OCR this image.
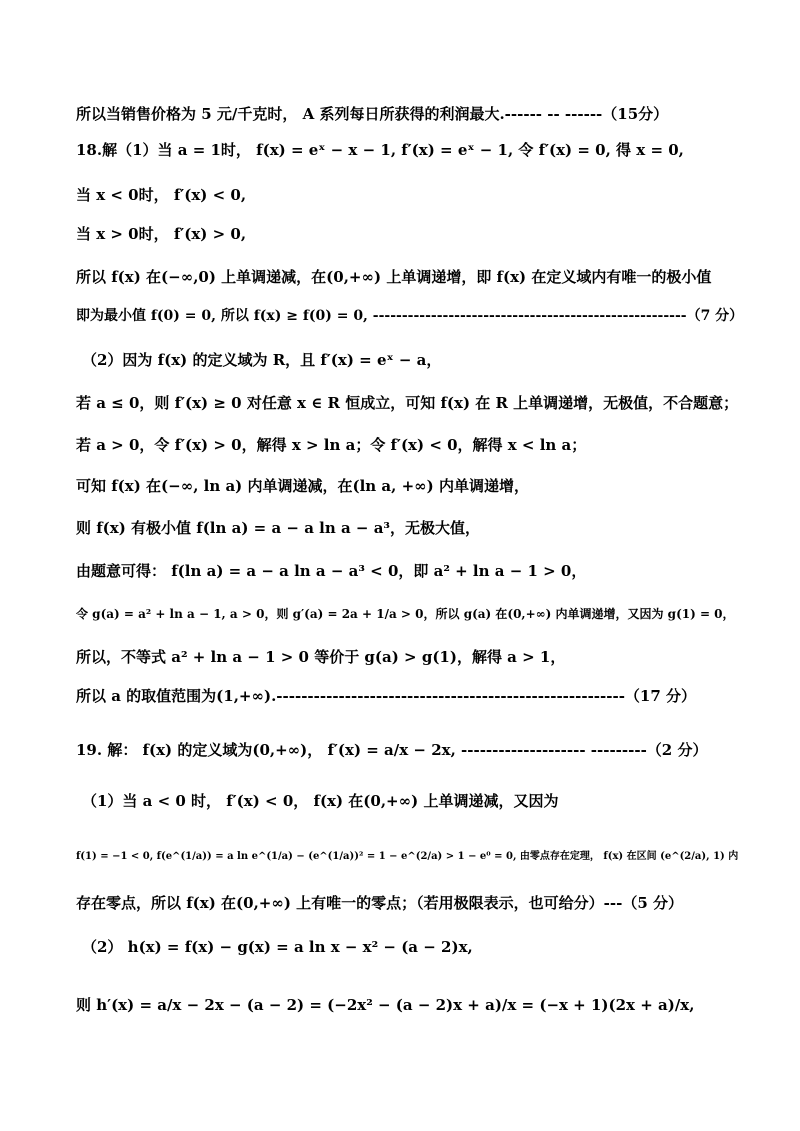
所以当销售价格为 5 元/千克时， A 系列每日所获得的利润最大.------ -- ------（15分）
18.解（1）当 a = 1时， f(x) = eˣ − x − 1, f′(x) = eˣ − 1, 令 f′(x) = 0, 得 x = 0,
当 x < 0时， f′(x) < 0,
当 x > 0时， f′(x) > 0,
所以 f(x) 在(−∞,0) 上单调递减，在(0,+∞) 上单调递增，即 f(x) 在定义域内有唯一的极小值
即为最小值 f(0) = 0, 所以 f(x) ≥ f(0) = 0, ------------------------------------------------------（7 分）
（2）因为 f(x) 的定义域为 R，且 f′(x) = eˣ − a，
若 a ≤ 0，则 f′(x) ≥ 0 对任意 x ∈ R 恒成立，可知 f(x) 在 R 上单调递增，无极值，不合题意；
若 a > 0，令 f′(x) > 0，解得 x > ln a；令 f′(x) < 0，解得 x < ln a；
可知 f(x) 在(−∞, ln a) 内单调递减，在(ln a, +∞) 内单调递增，
则 f(x) 有极小值 f(ln a) = a − a ln a − a³，无极大值，
由题意可得： f(ln a) = a − a ln a − a³ < 0，即 a² + ln a − 1 > 0，
令 g(a) = a² + ln a − 1, a > 0，则 g′(a) = 2a + 1/a > 0，所以 g(a) 在(0,+∞) 内单调递增，又因为 g(1) = 0，
所以，不等式 a² + ln a − 1 > 0 等价于 g(a) > g(1)，解得 a > 1，
所以 a 的取值范围为(1,+∞).--------------------------------------------------------（17 分）
19. 解： f(x) 的定义域为(0,+∞)， f′(x) = a/x − 2x, -------------------- ---------（2 分）
（1）当 a < 0 时， f′(x) < 0， f(x) 在(0,+∞) 上单调递减，又因为
f(1) = −1 < 0, f(e^(1/a)) = a ln e^(1/a) − (e^(1/a))² = 1 − e^(2/a) > 1 − e⁰ = 0, 由零点存在定理， f(x) 在区间 (e^(2/a), 1) 内
存在零点，所以 f(x) 在(0,+∞) 上有唯一的零点；（若用极限表示，也可给分）---（5 分）
（2） h(x) = f(x) − g(x) = a ln x − x² − (a − 2)x,
则 h′(x) = a/x − 2x − (a − 2) = (−2x² − (a − 2)x + a)/x = (−x + 1)(2x + a)/x,
